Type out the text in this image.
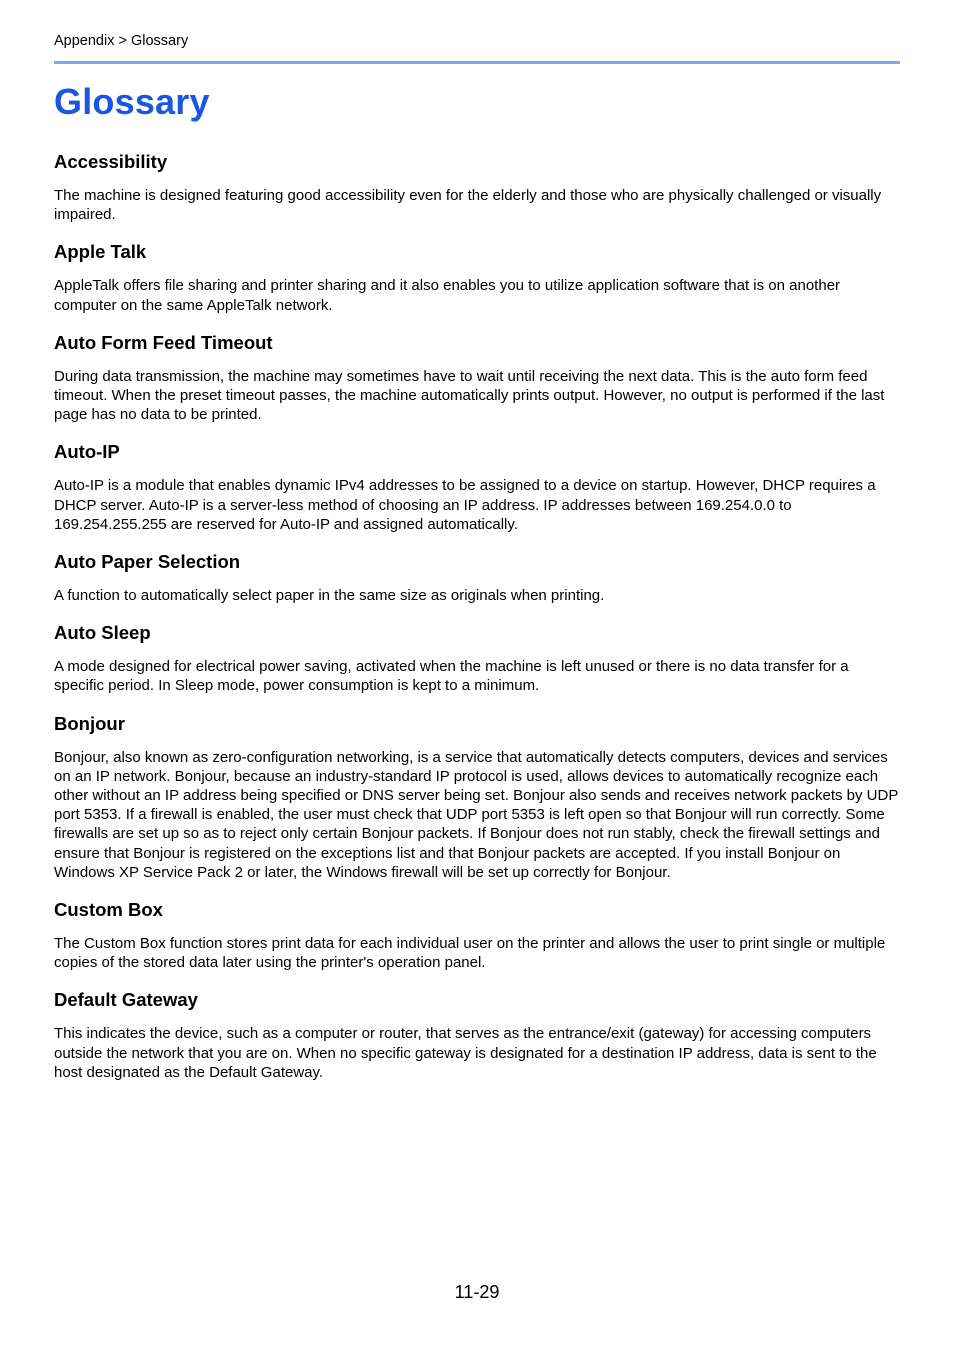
Appendix > Glossary
Glossary
Accessibility

The machine is designed featuring good accessibility even for the elderly and those who are physically challenged or visually impaired.

Apple Talk

AppleTalk offers file sharing and printer sharing and it also enables you to utilize application software that is on another computer on the same AppleTalk network.

Auto Form Feed Timeout

During data transmission, the machine may sometimes have to wait until receiving the next data. This is the auto form feed timeout. When the preset timeout passes, the machine automatically prints output. However, no output is performed if the last page has no data to be printed.

Auto-IP

Auto-IP is a module that enables dynamic IPv4 addresses to be assigned to a device on startup. However, DHCP requires a DHCP server. Auto-IP is a server-less method of choosing an IP address. IP addresses between 169.254.0.0 to 169.254.255.255 are reserved for Auto-IP and assigned automatically.

Auto Paper Selection

A function to automatically select paper in the same size as originals when printing.

Auto Sleep

A mode designed for electrical power saving, activated when the machine is left unused or there is no data transfer for a specific period. In Sleep mode, power consumption is kept to a minimum.

Bonjour

Bonjour, also known as zero-configuration networking, is a service that automatically detects computers, devices and services on an IP network. Bonjour, because an industry-standard IP protocol is used, allows devices to automatically recognize each other without an IP address being specified or DNS server being set. Bonjour also sends and receives network packets by UDP port 5353. If a firewall is enabled, the user must check that UDP port 5353 is left open so that Bonjour will run correctly. Some firewalls are set up so as to reject only certain Bonjour packets. If Bonjour does not run stably, check the firewall settings and ensure that Bonjour is registered on the exceptions list and that Bonjour packets are accepted. If you install Bonjour on Windows XP Service Pack 2 or later, the Windows firewall will be set up correctly for Bonjour.

Custom Box

The Custom Box function stores print data for each individual user on the printer and allows the user to print single or multiple copies of the stored data later using the printer's operation panel.

Default Gateway

This indicates the device, such as a computer or router, that serves as the entrance/exit (gateway) for accessing computers outside the network that you are on. When no specific gateway is designated for a destination IP address, data is sent to the host designated as the Default Gateway.

11-29
